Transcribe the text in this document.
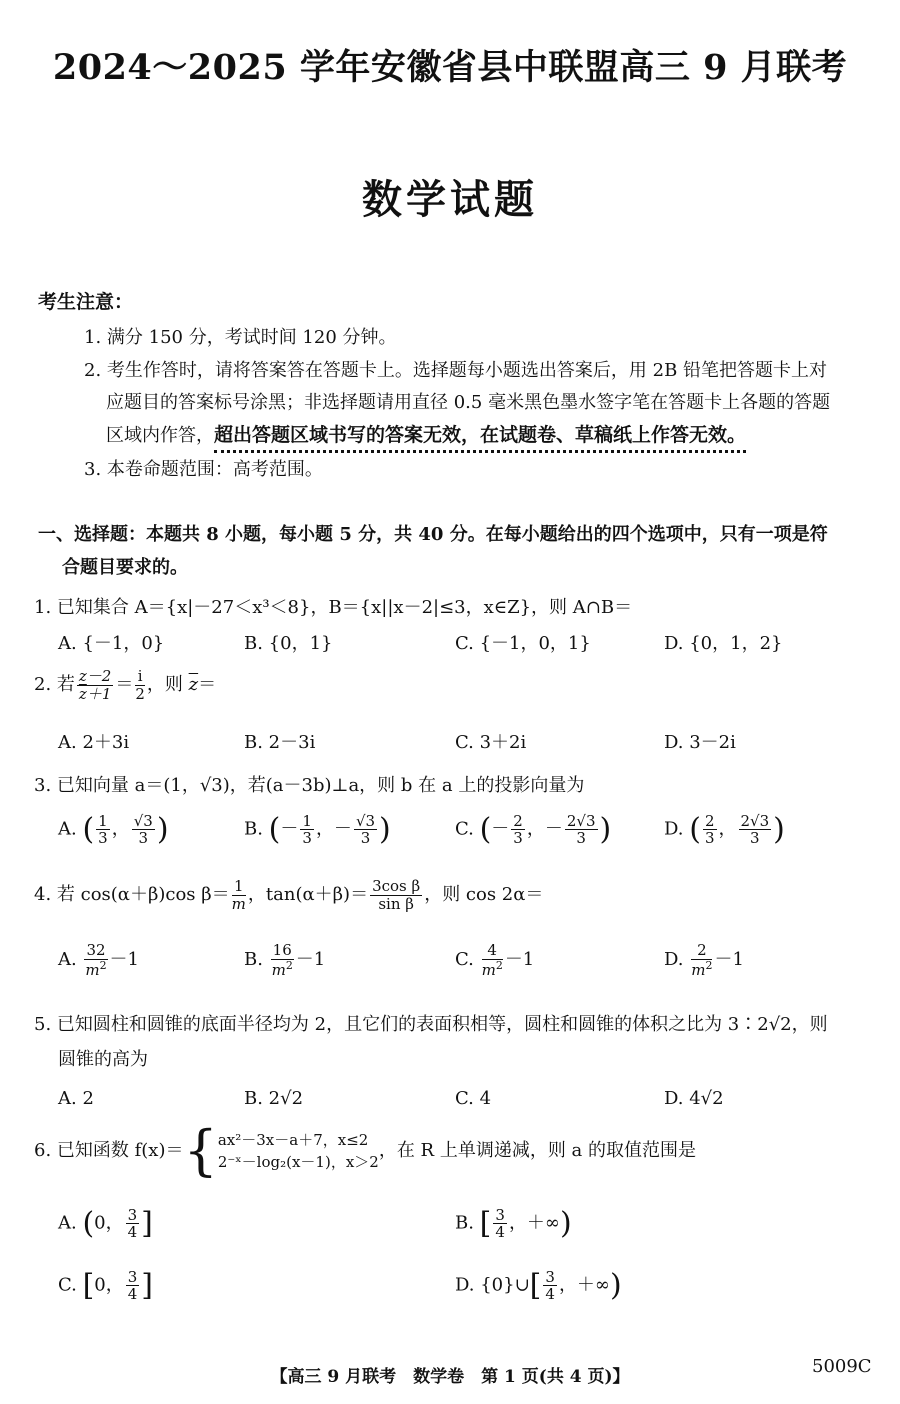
2024～2025 学年安徽省县中联盟高三 9 月联考
数学试题
考生注意：
1. 满分 150 分，考试时间 120 分钟。
2. 考生作答时，请将答案答在答题卡上。选择题每小题选出答案后，用 2B 铅笔把答题卡上对
应题目的答案标号涂黑；非选择题请用直径 0.5 毫米黑色墨水签字笔在答题卡上各题的答题
区域内作答，超出答题区域书写的答案无效，在试题卷、草稿纸上作答无效。
3. 本卷命题范围：高考范围。
一、选择题：本题共 8 小题，每小题 5 分，共 40 分。在每小题给出的四个选项中，只有一项是符
合题目要求的。
1. 已知集合 A＝{x|－27＜x³＜8}，B＝{x||x－2|≤3，x∈Z}，则 A∩B＝
A. {－1，0}	B. {0，1}	C. {－1，0，1}	D. {0，1，2}
2. 若 $\frac{z-2}{\overline{z}+1} = \frac{i}{2}$ ，则 $\overline{z}=$
A. 2＋3i	B. 2－3i	C. 3＋2i	D. 3－2i
3. 已知向量 a＝(1，√3)，若(a－3b)⊥a，则 b 在 a 上的投影向量为
A. ( $\frac{1}{3}$ ， $\frac{√3}{3}$ )	B. (－ $\frac{1}{3}$ ，－ $\frac{√3}{3}$ )	C. (－ $\frac{2}{3}$ ，－ $\frac{2√3}{3}$ )	D. ( $\frac{2}{3}$ ， $\frac{2√3}{3}$ )
4. 若 cos(α＋β)cos $\beta= \frac{1}{m}$ ，$\tan(\alpha+\beta)= \frac{\text{3cos β}}{\text{sin β}}$ ，则 cos 2α＝
A. $\frac{32}{m^2} -1$	B. $\frac{16}{m^2} -1$	C. $\frac{4}{m^2} -1$	D. $\frac{2}{m^2} -1$
5. 已知圆柱和圆锥的底面半径均为 2，且它们的表面积相等，圆柱和圆锥的体积之比为 3∶2√2，则
圆锥的高为
A. 2	B. 2√2	C. 4	D. 4√2
6. 已知函数 f(x)＝{ ax²－3x－a＋7，x≤2
2⁻ˣ－log₂(x－1)，x＞2
，在 R 上单调递减，则 a 的取值范围是
A. (0， $\frac{3}{4}$ ]	B. [ $\frac{3}{4}$ ，＋∞)
C. [0， $\frac{3}{4}$ ]	D. {0}∪[ $\frac{3}{4}$ ，＋∞)
【高三 9 月联考　数学卷　第 1 页(共 4 页)】	5009C
